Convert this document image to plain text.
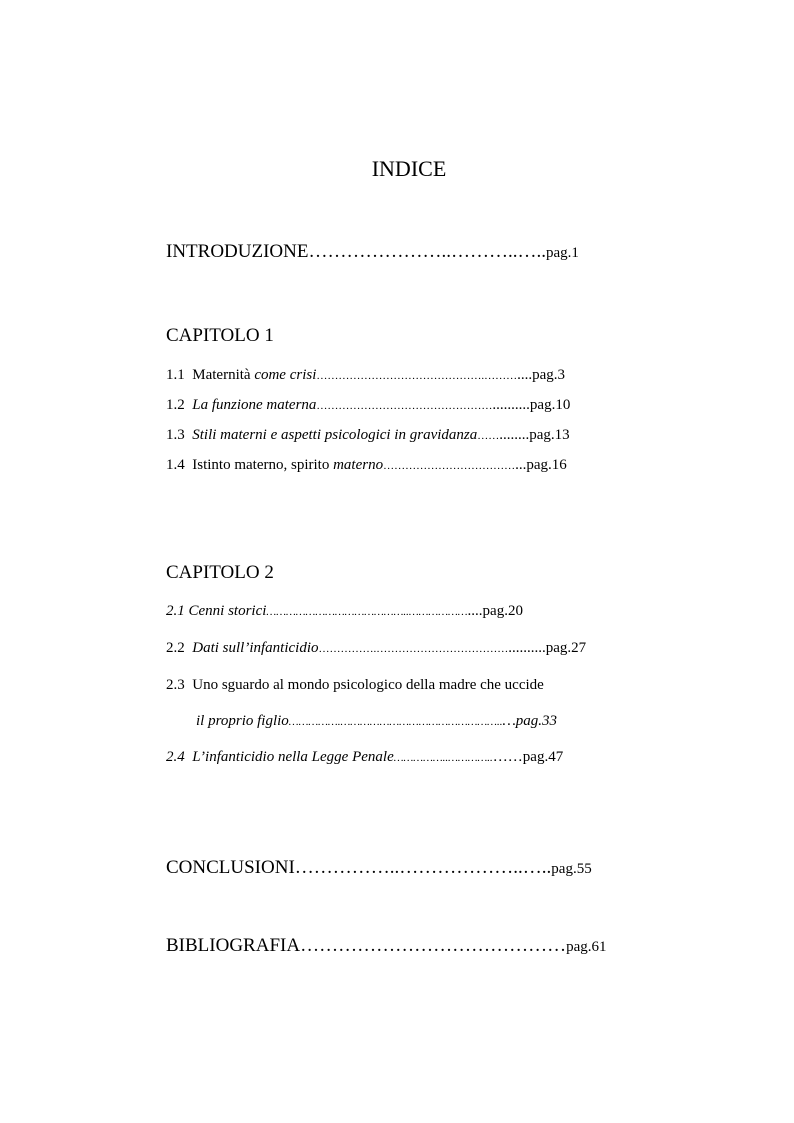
INDICE
INTRODUZIONE…………………..………..…..pag.1
CAPITOLO 1
1.1 Maternità come crisi……………………………………….………....pag.3
1.2 La funzione materna…………………………………………..........pag.10
1.3 Stili materni e aspetti psicologici in gravidanza……........pag.13
1.4 Istinto materno, spirito materno………………………………...pag.16
CAPITOLO 2
2.1 Cenni storici……………………………………..………………....pag.20
2.2 Dati sull’infanticidio…………….………………………………..........pag.27
2.3 Uno sguardo al mondo psicologico della madre che uccide
il proprio figlio…………….…………………………………………..…pag.33
2.4 L’infanticidio nella Legge Penale……………..…………..……pag.47
CONCLUSIONI……………..………………..…..pag.55
BIBLIOGRAFIA……………………………………pag.61
